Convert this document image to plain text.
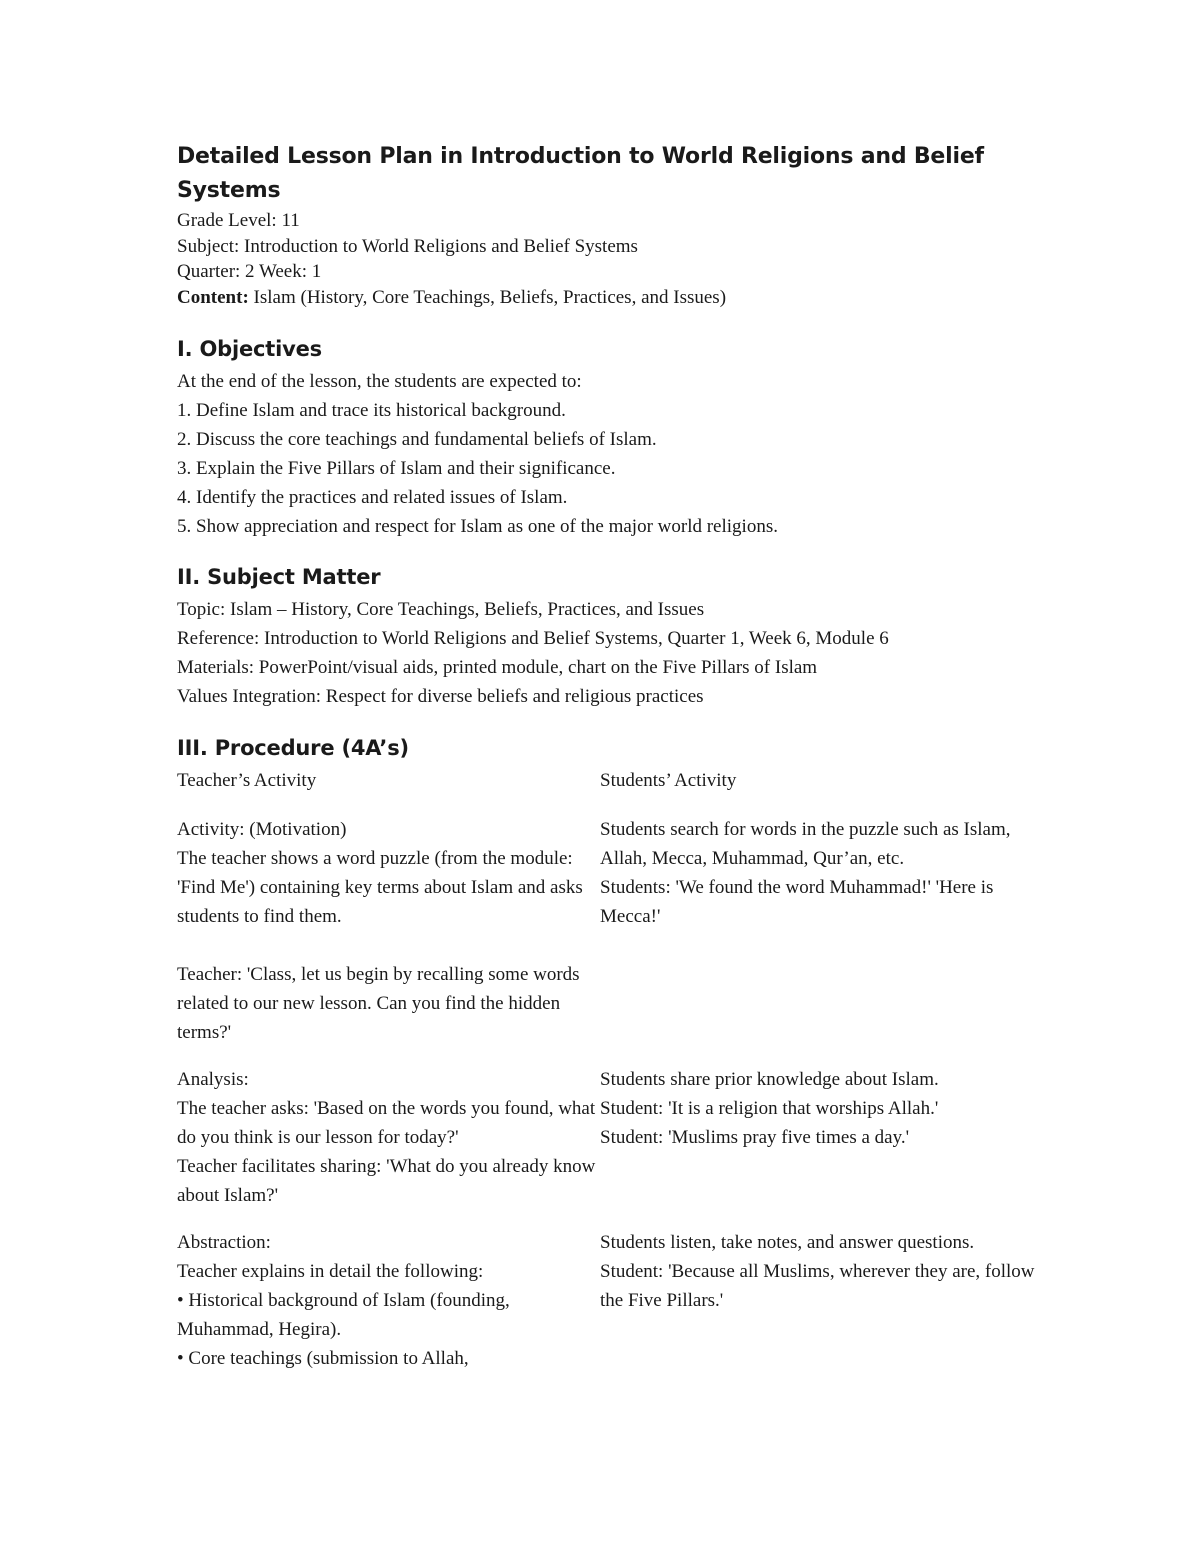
Detailed Lesson Plan in Introduction to World Religions and Belief Systems

Grade Level: 11

Subject: Introduction to World Religions and Belief Systems

Quarter: 2 Week: 1

Content: Islam (History, Core Teachings, Beliefs, Practices, and Issues)

I. Objectives

At the end of the lesson, the students are expected to:

1. Define Islam and trace its historical background.

2. Discuss the core teachings and fundamental beliefs of Islam.

3. Explain the Five Pillars of Islam and their significance.

4. Identify the practices and related issues of Islam.

5. Show appreciation and respect for Islam as one of the major world religions.

II. Subject Matter

Topic: Islam – History, Core Teachings, Beliefs, Practices, and Issues

Reference: Introduction to World Religions and Belief Systems, Quarter 1, Week 6, Module 6

Materials: PowerPoint/visual aids, printed module, chart on the Five Pillars of Islam

Values Integration: Respect for diverse beliefs and religious practices

III. Procedure (4A’s)
Teacher’s Activity	Students’ Activity
Activity: (Motivation)
The teacher shows a word puzzle (from the module: 'Find Me') containing key terms about Islam and asks students to find them.
Teacher: 'Class, let us begin by recalling some words related to our new lesson. Can you find the hidden terms?'
Students search for words in the puzzle such as Islam, Allah, Mecca, Muhammad, Qur’an, etc.
Students: 'We found the word Muhammad!' 'Here is Mecca!'
Analysis:
The teacher asks: 'Based on the words you found, what do you think is our lesson for today?'
Teacher facilitates sharing: 'What do you already know about Islam?'
Students share prior knowledge about Islam.
Student: 'It is a religion that worships Allah.'
Student: 'Muslims pray five times a day.'
Abstraction:
Teacher explains in detail the following:
• Historical background of Islam (founding, Muhammad, Hegira).
• Core teachings (submission to Allah,
Students listen, take notes, and answer questions.
Student: 'Because all Muslims, wherever they are, follow the Five Pillars.'
